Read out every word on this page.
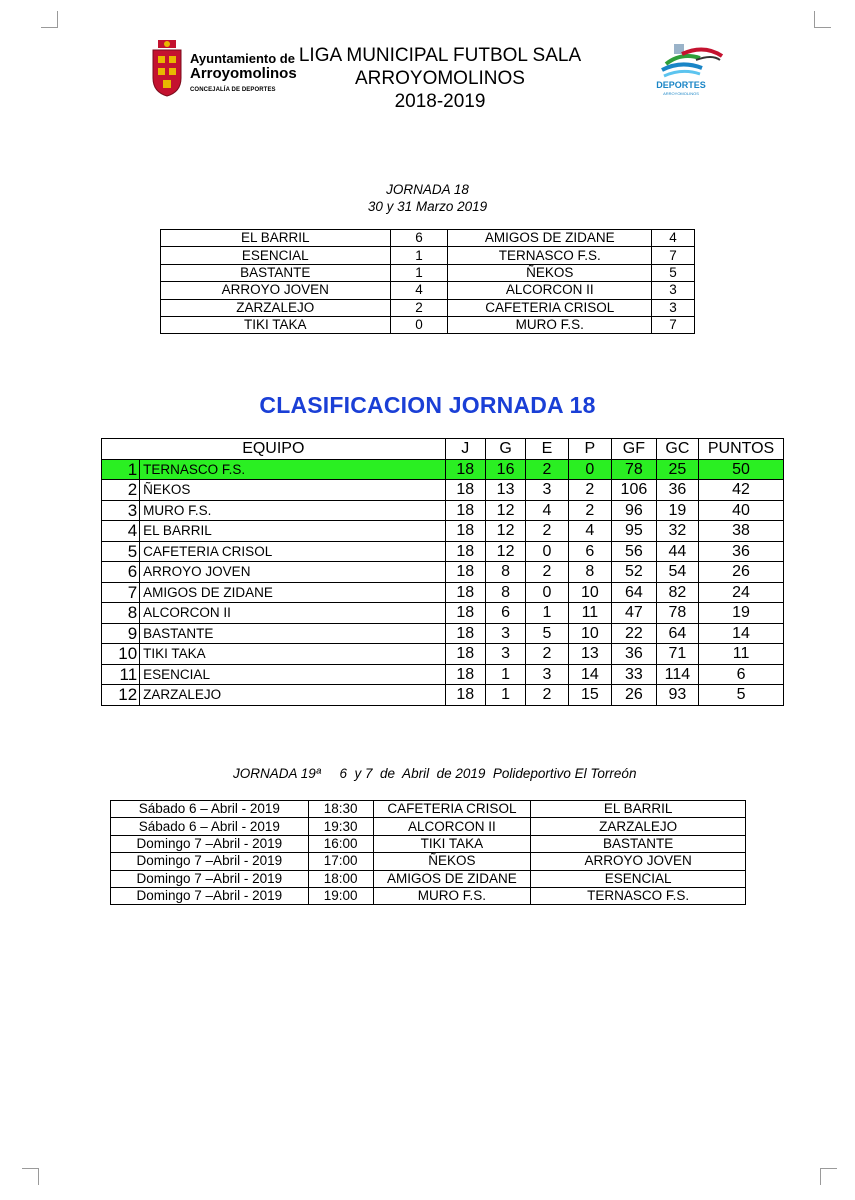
Ayuntamiento de
Arroyomolinos
CONCEJALÍA DE DEPORTES
LIGA MUNICIPAL FUTBOL SALA
ARROYOMOLINOS
2018-2019
DEPORTES
ARROYOMOLINOS
JORNADA 18
30 y 31 Marzo 2019
EL BARRIL	6	AMIGOS DE ZIDANE	4
ESENCIAL	1	TERNASCO F.S.	7
BASTANTE	1	ÑEKOS	5
ARROYO JOVEN	4	ALCORCON II	3
ZARZALEJO	2	CAFETERIA CRISOL	3
TIKI TAKA	0	MURO F.S.	7
CLASIFICACION JORNADA 18
EQUIPO		J	G	E	P	GF	GC	PUNTOS
1	TERNASCO F.S.	18	16	2	0	78	25	50
2	ÑEKOS	18	13	3	2	106	36	42
3	MURO F.S.	18	12	4	2	96	19	40
4	EL BARRIL	18	12	2	4	95	32	38
5	CAFETERIA CRISOL	18	12	0	6	56	44	36
6	ARROYO JOVEN	18	8	2	8	52	54	26
7	AMIGOS DE ZIDANE	18	8	0	10	64	82	24
8	ALCORCON II	18	6	1	11	47	78	19
9	BASTANTE	18	3	5	10	22	64	14
10	TIKI TAKA	18	3	2	13	36	71	11
11	ESENCIAL	18	1	3	14	33	114	6
12	ZARZALEJO	18	1	2	15	26	93	5
JORNADA 19ª     6  y 7  de  Abril  de 2019  Polideportivo El Torreón
Sábado 6 – Abril - 2019	18:30	CAFETERIA CRISOL	EL BARRIL
Sábado 6 – Abril - 2019	19:30	ALCORCON II	ZARZALEJO
Domingo 7 –Abril - 2019	16:00	TIKI TAKA	BASTANTE
Domingo 7 –Abril - 2019	17:00	ÑEKOS	ARROYO JOVEN
Domingo 7 –Abril - 2019	18:00	AMIGOS DE ZIDANE	ESENCIAL
Domingo 7 –Abril - 2019	19:00	MURO F.S.	TERNASCO F.S.
